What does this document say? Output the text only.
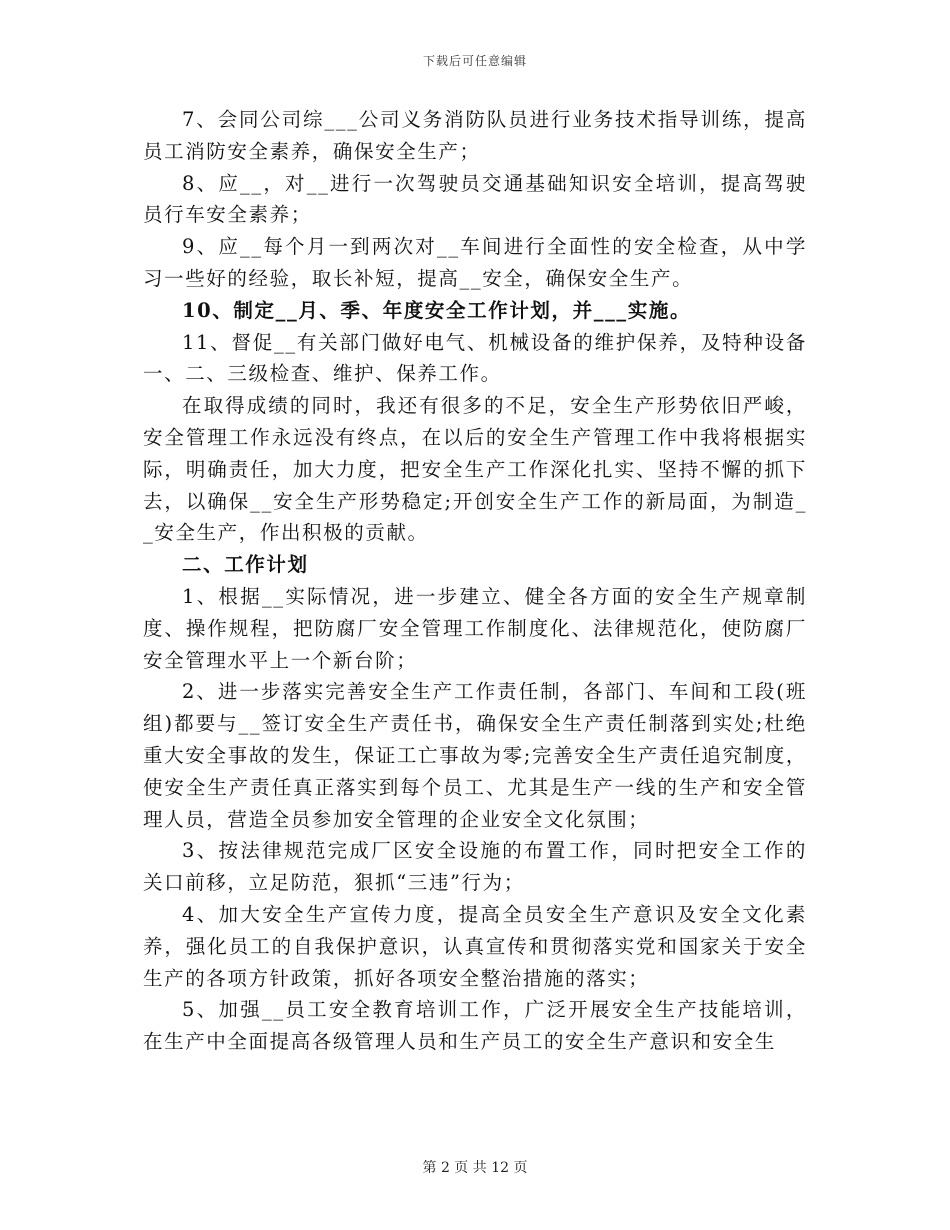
下载后可任意编辑

7、会同公司综___公司义务消防队员进行业务技术指导训练，提高员工消防安全素养，确保安全生产；

8、应__，对__进行一次驾驶员交通基础知识安全培训，提高驾驶员行车安全素养；

9、应__每个月一到两次对__车间进行全面性的安全检查，从中学习一些好的经验，取长补短，提高__安全，确保安全生产。

10、制定__月、季、年度安全工作计划，并___实施。

11、督促__有关部门做好电气、机械设备的维护保养，及特种设备一、二、三级检查、维护、保养工作。

在取得成绩的同时，我还有很多的不足，安全生产形势依旧严峻，安全管理工作永远没有终点，在以后的安全生产管理工作中我将根据实际，明确责任，加大力度，把安全生产工作深化扎实、坚持不懈的抓下去，以确保__安全生产形势稳定;开创安全生产工作的新局面，为制造__安全生产，作出积极的贡献。

二、工作计划

1、根据__实际情况，进一步建立、健全各方面的安全生产规章制度、操作规程，把防腐厂安全管理工作制度化、法律规范化，使防腐厂安全管理水平上一个新台阶；

2、进一步落实完善安全生产工作责任制，各部门、车间和工段(班组)都要与__签订安全生产责任书，确保安全生产责任制落到实处;杜绝重大安全事故的发生，保证工亡事故为零;完善安全生产责任追究制度，使安全生产责任真正落实到每个员工、尤其是生产一线的生产和安全管理人员，营造全员参加安全管理的企业安全文化氛围；

3、按法律规范完成厂区安全设施的布置工作，同时把安全工作的关口前移，立足防范，狠抓“三违”行为；

4、加大安全生产宣传力度，提高全员安全生产意识及安全文化素养，强化员工的自我保护意识，认真宣传和贯彻落实党和国家关于安全生产的各项方针政策，抓好各项安全整治措施的落实；

5、加强__员工安全教育培训工作，广泛开展安全生产技能培训，在生产中全面提高各级管理人员和生产员工的安全生产意识和安全生

第 2 页 共 12 页
